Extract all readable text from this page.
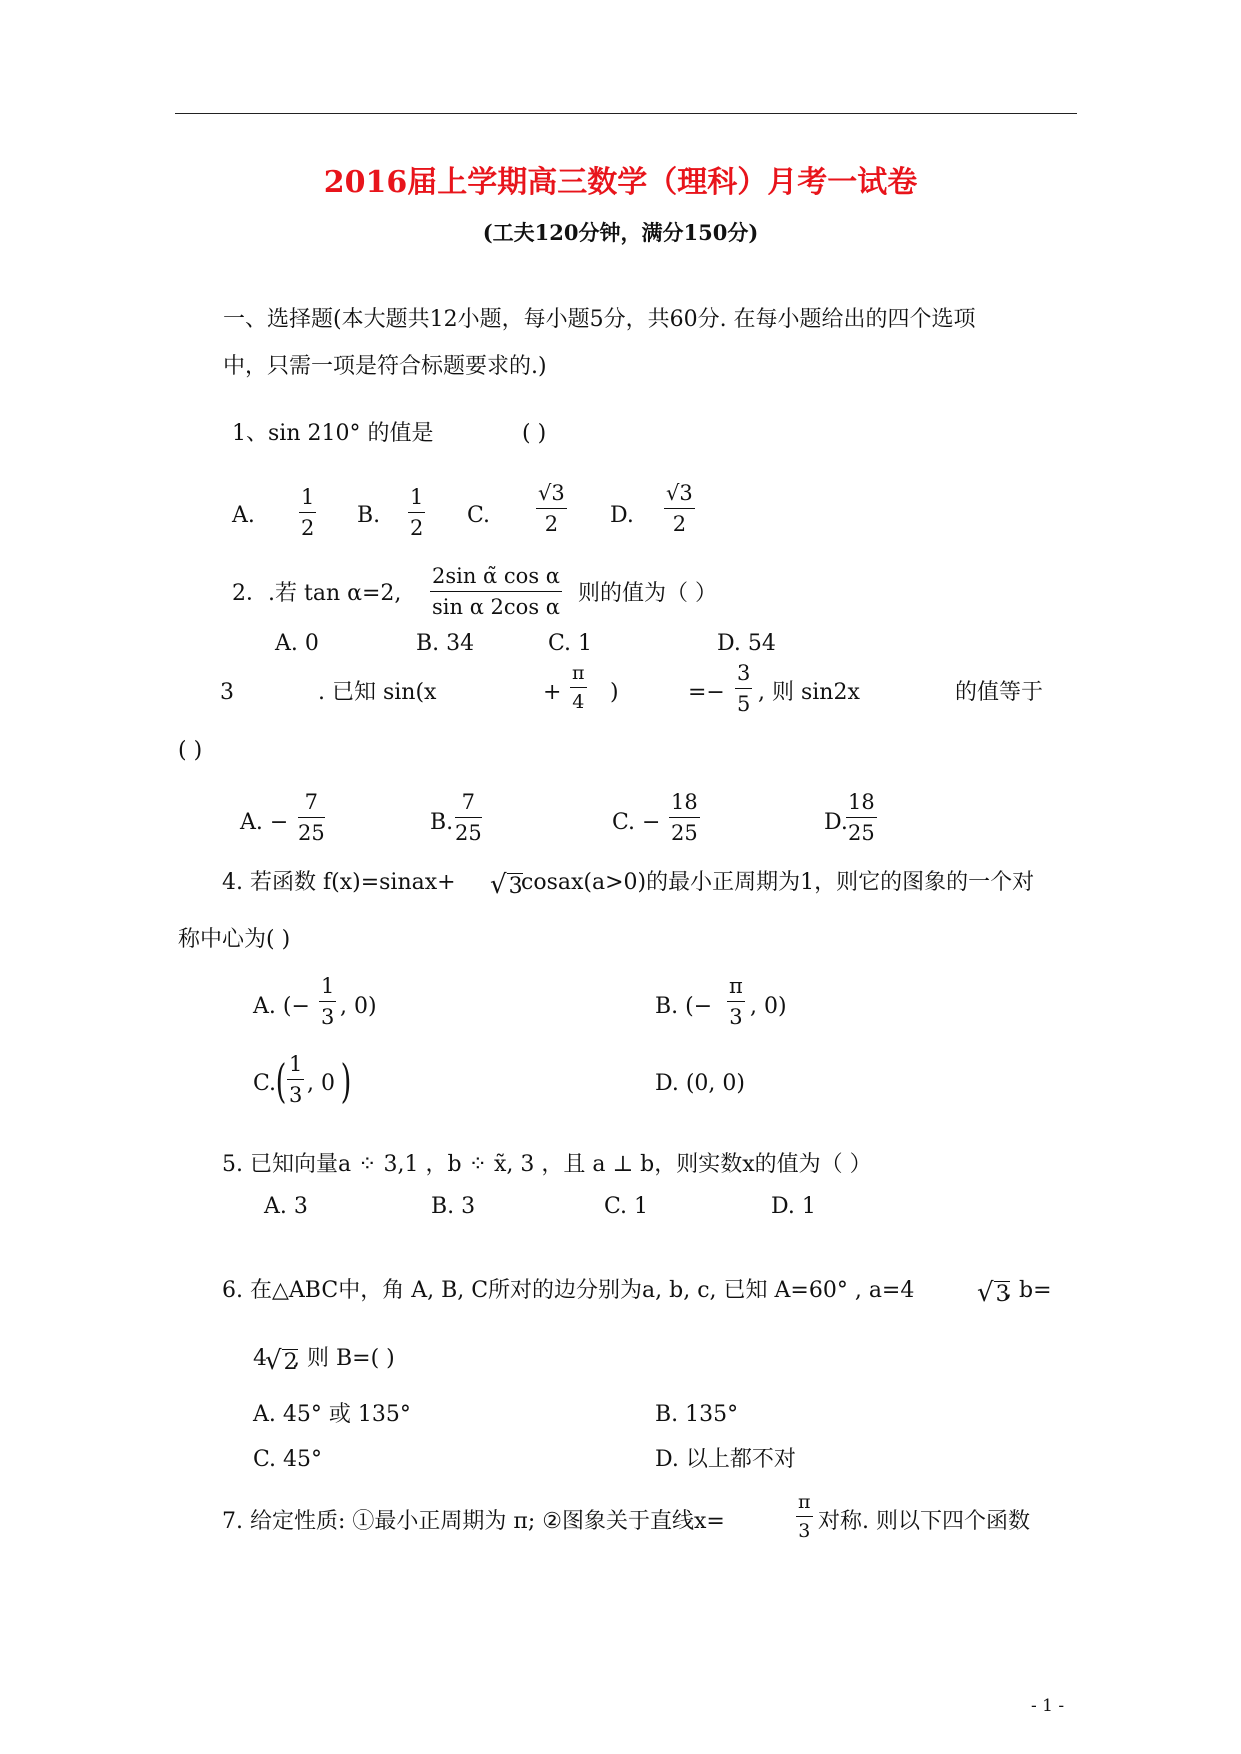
2016届上学期高三数学（理科）月考一试卷
(工夫120分钟，满分150分)
一、选择题(本大题共12小题，每小题5分，共60分. 在每小题给出的四个选项
中，只需一项是符合标题要求的.)
1、sin 210° 的值是	( )
A. $\frac{1}{2} B$. $\frac{1}{2} C$. $\frac{√3}{2} D$. $\frac{√3}{2}$
2．.若 tan α=2, $\frac{\text{2sin α̃ cos α}}{\text{sin α 2cos α}}$ 则的值为（ ）
A. 0	B. 34	C. 1	D. 54
3	. 已知 sin(x	+ $\frac{\pi}{4}$ )	=− $\frac{3}{5}$ , 则 sin2x	的值等于
( )
A. − $\frac{7}{25}$	B. $\frac{7}{25}$	C. − $\frac{18}{25}$	D.
$\frac{18}{25}$
4. 若函数 f(x)=sinax+ √3
cosax(a>0)的最小正周期为1，则它的图象的一个对
称中心为( )
A. (− $\frac{1}{3}$ , 0)	B. (− $\frac{\pi}{3}$ , 0)
C. ( $\frac{1}{3}$ , 0 )	D. (0, 0)
5. 已知向量a ⁘ 3,1 ，b ⁘ x̃, 3 ，且 a ⊥ b，则实数x的值为（ ）
A. 3	B. 3	C. 1	D. 1
6. 在△ABC中，角 A, B, C所对的边分别为a, b, c, 已知 A=60° , a=4 √3
, b=
4
√2
, 则 B=( )
A. 45° 或 135°	B. 135°
C. 45°	D. 以上都不对
7. 给定性质: ①最小正周期为 π; ②图象关于直线x=	$\frac{\pi}{3}$ 对称. 则以下四个函数
- 1 -
